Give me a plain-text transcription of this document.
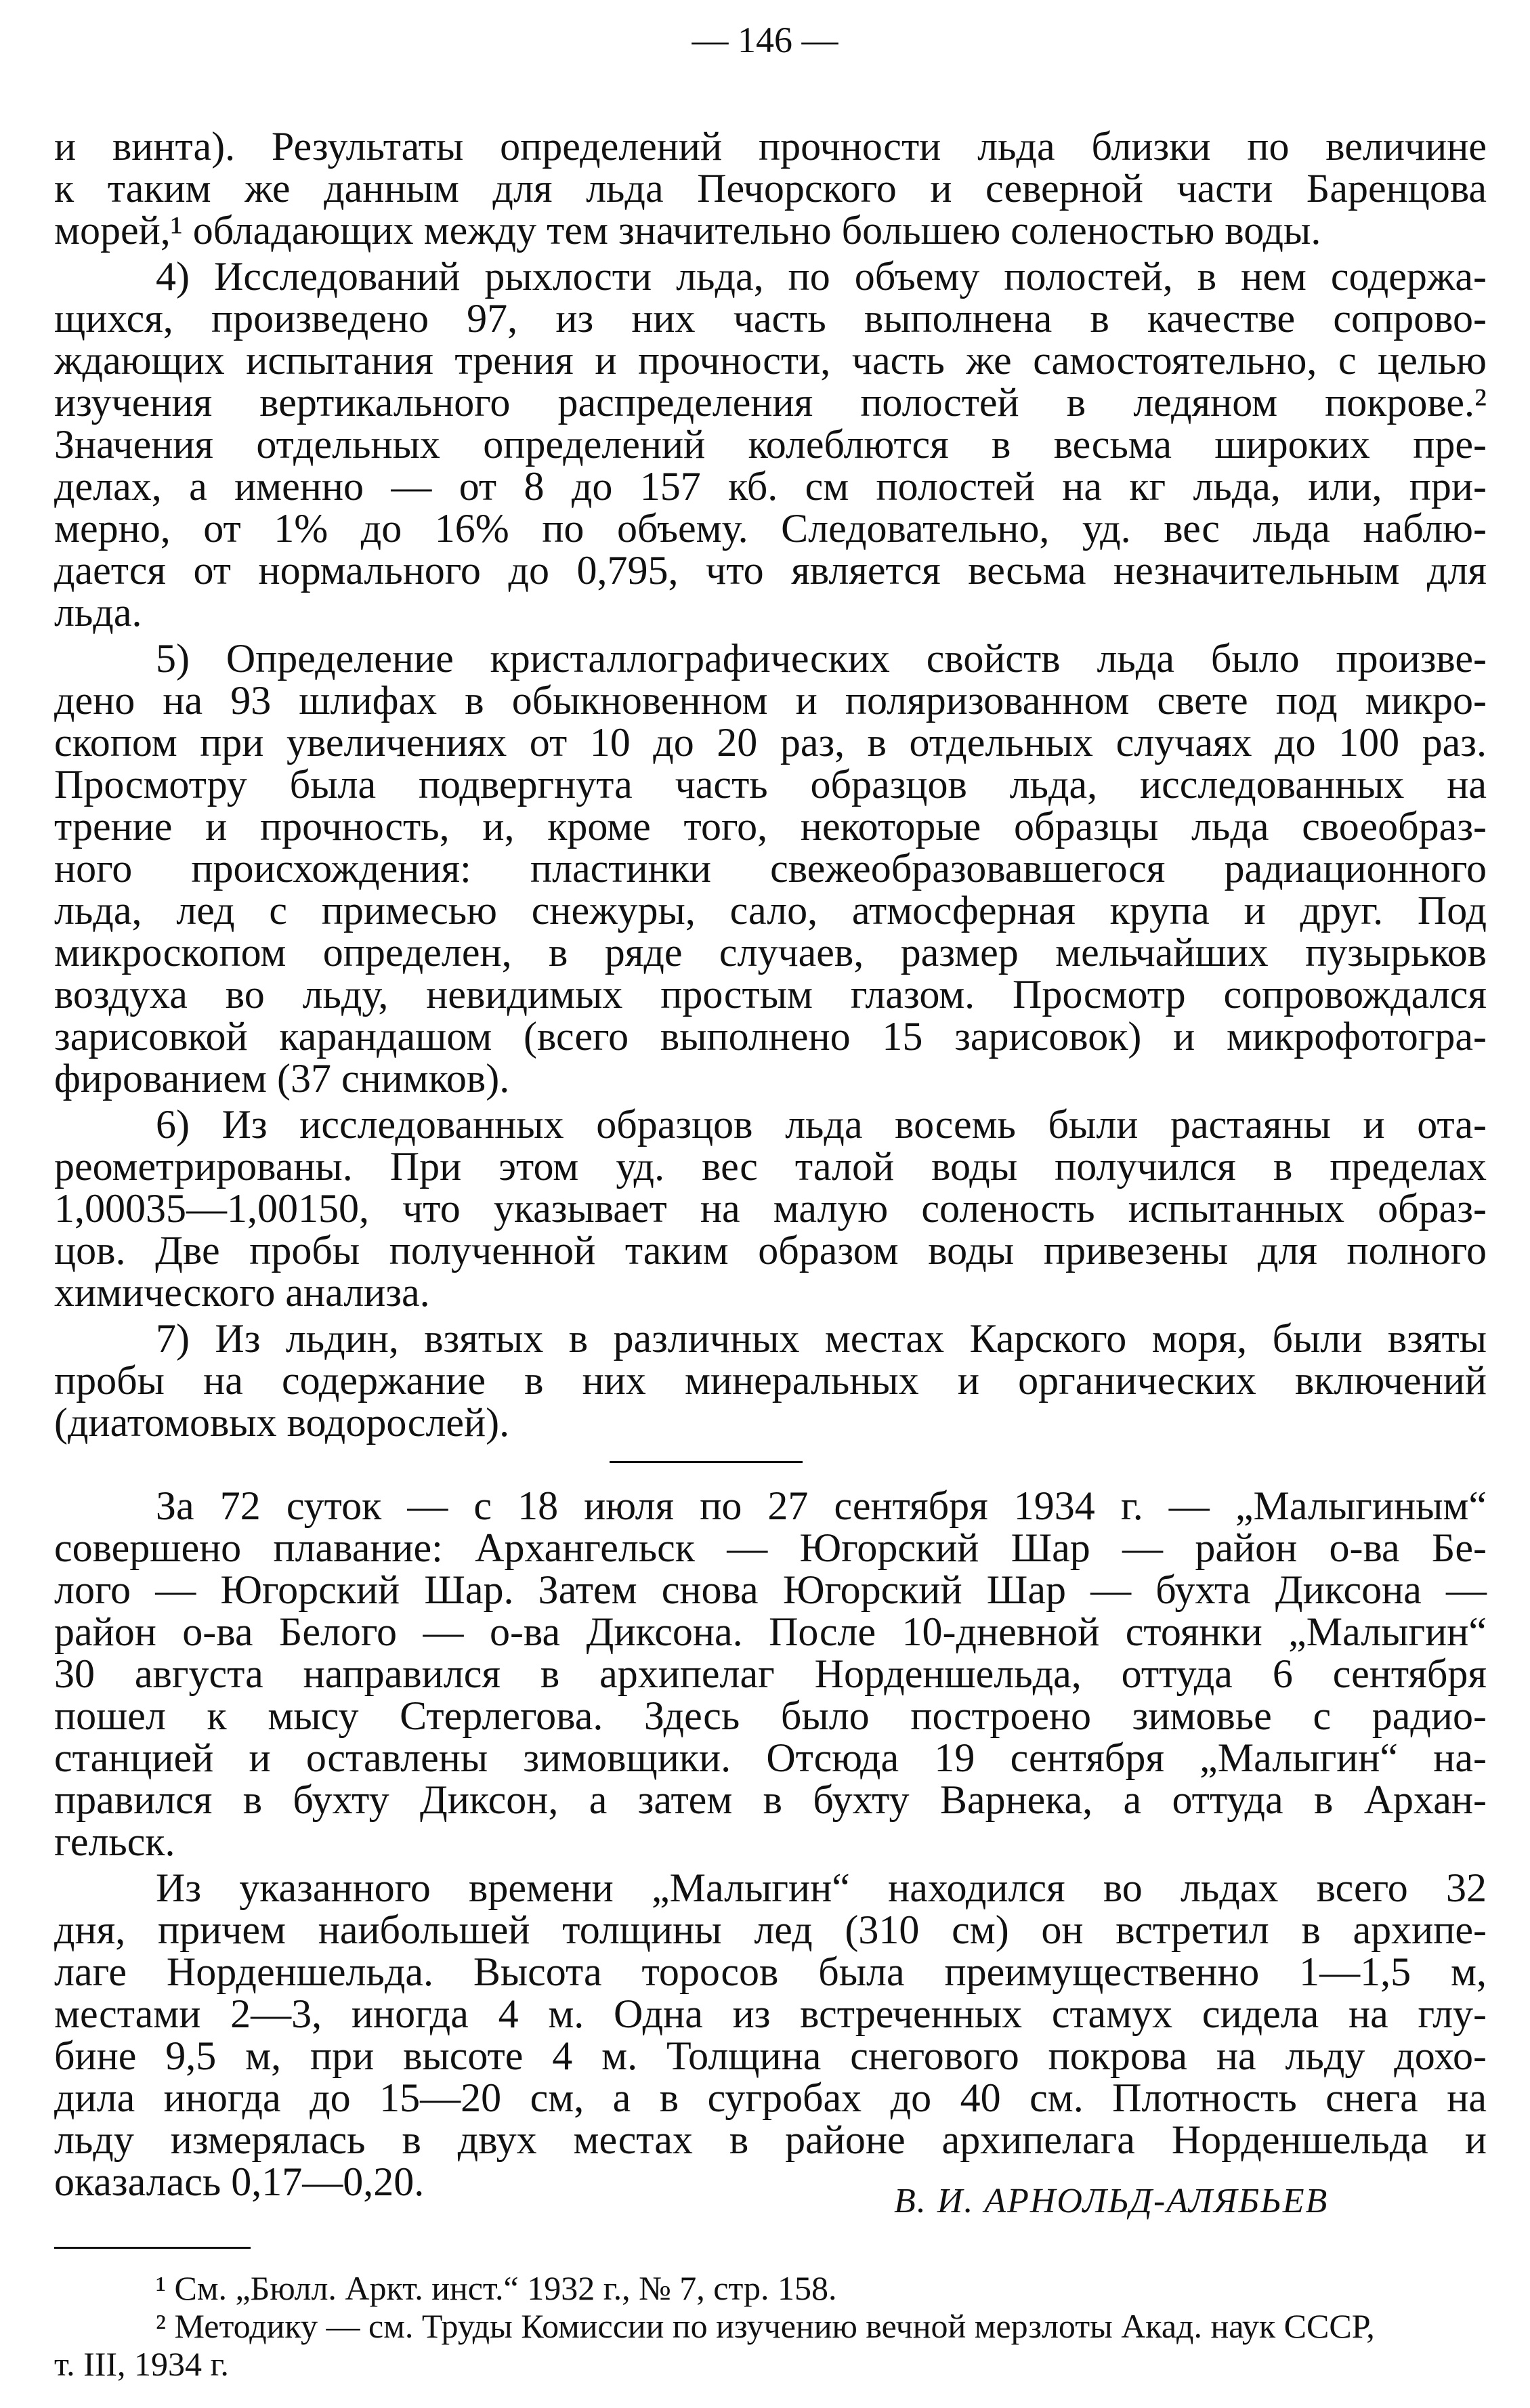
— 146 —
и винта). Результаты определений прочности льда близки по величине
к таким же данным для льда Печорского и северной части Баренцова
морей,¹ обладающих между тем значительно большею соленостью воды.
4) Исследований рыхлости льда, по объему полостей, в нем содержа-
щихся, произведено 97, из них часть выполнена в качестве сопрово-
ждающих испытания трения и прочности, часть же самостоятельно, с целью
изучения вертикального распределения полостей в ледяном покрове.²
Значения отдельных определений колеблются в весьма широких пре-
делах, а именно — от 8 до 157 кб. см полостей на кг льда, или, при-
мерно, от 1% до 16% по объему. Следовательно, уд. вес льда наблю-
дается от нормального до 0,795, что является весьма незначительным для
льда.
5) Определение кристаллографических свойств льда было произве-
дено на 93 шлифах в обыкновенном и поляризованном свете под микро-
скопом при увеличениях от 10 до 20 раз, в отдельных случаях до 100 раз.
Просмотру была подвергнута часть образцов льда, исследованных на
трение и прочность, и, кроме того, некоторые образцы льда своеобраз-
ного происхождения: пластинки свежеобразовавшегося радиационного
льда, лед с примесью снежуры, сало, атмосферная крупа и друг. Под
микроскопом определен, в ряде случаев, размер мельчайших пузырьков
воздуха во льду, невидимых простым глазом. Просмотр сопровождался
зарисовкой карандашом (всего выполнено 15 зарисовок) и микрофотогра-
фированием (37 снимков).
6) Из исследованных образцов льда восемь были растаяны и ота-
реометрированы. При этом уд. вес талой воды получился в пределах
1,00035—1,00150, что указывает на малую соленость испытанных образ-
цов. Две пробы полученной таким образом воды привезены для полного
химического анализа.
7) Из льдин, взятых в различных местах Карского моря, были взяты
пробы на содержание в них минеральных и органических включений
(диатомовых водорослей).
За 72 суток — с 18 июля по 27 сентября 1934 г. — „Малыгиным“
совершено плавание: Архангельск — Югорский Шар — район о-ва Бе-
лого — Югорский Шар. Затем снова Югорский Шар — бухта Диксона —
район о-ва Белого — о-ва Диксона. После 10-дневной стоянки „Малыгин“
30 августа направился в архипелаг Норденшельда, оттуда 6 сентября
пошел к мысу Стерлегова. Здесь было построено зимовье с радио-
станцией и оставлены зимовщики. Отсюда 19 сентября „Малыгин“ на-
правился в бухту Диксон, а затем в бухту Варнека, а оттуда в Архан-
гельск.
Из указанного времени „Малыгин“ находился во льдах всего 32
дня, причем наибольшей толщины лед (310 см) он встретил в архипе-
лаге Норденшельда. Высота торосов была преимущественно 1—1,5 м,
местами 2—3, иногда 4 м. Одна из встреченных стамух сидела на глу-
бине 9,5 м, при высоте 4 м. Толщина снегового покрова на льду дохо-
дила иногда до 15—20 см, а в сугробах до 40 см. Плотность снега на
льду измерялась в двух местах в районе архипелага Норденшельда и
оказалась 0,17—0,20.	В. И. АРНОЛЬД-АЛЯБЬЕВ
¹ См. „Бюлл. Аркт. инст.“ 1932 г., № 7, стр. 158.
² Методику — см. Труды Комиссии по изучению вечной мерзлоты Акад. наук СССР,
т. III, 1934 г.
